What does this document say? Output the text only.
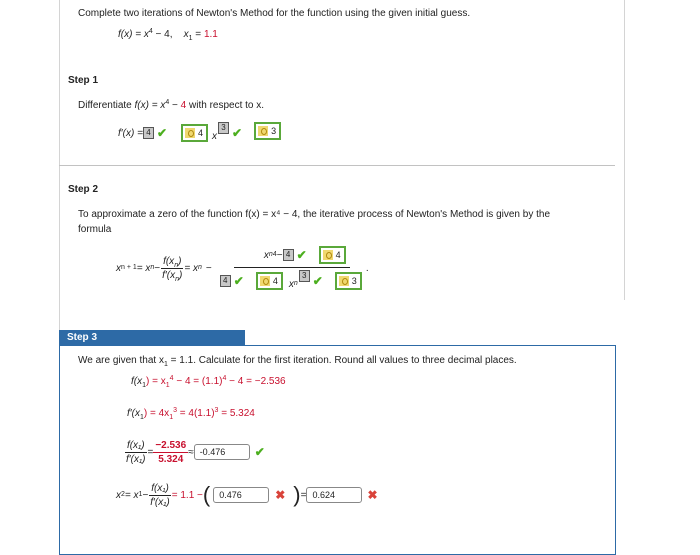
Complete two iterations of Newton's Method for the function using the given initial guess.
$f(x) = x^4 - 4$, $x_1 = 1.1$
Step 1
Differentiate $f(x) = x^4 - 4$ with respect to x.
f′(x) = 4 ✔	4 x
3 ✔	3
Step 2
To approximate a zero of the function f(x) = x⁴ − 4, the iterative process of Newton's Method is given by the
formula
x n + 1 = x $n - \frac{f(x_n)}{f'(x_n)} = x$ n − x n 4 − 4 ✔	4
4 ✔	4 $x_n$
3 ✔	3 .
Step 3
We are given that $x_1 = 1.1$. Calculate for the first iteration. Round all values to three decimal places.
$f(x_1) = x_1^4 - 4 = (1.1)^4 - 4 = -2.536$
$f'(x_1) = 4x_1^3 = 4(1.1)^3 = 5.324$
$\frac{\text{f(x₁)}}{\text{f′(x₁)}} = \frac{-2.536}{5.324} \approx -0.476$	✔
x 2 = x $1 - \frac{\text{f(x₁)}}{\text{f′(x₁)}} = 1.1$ − (	0.476	✖ ) = 0.624	✖
